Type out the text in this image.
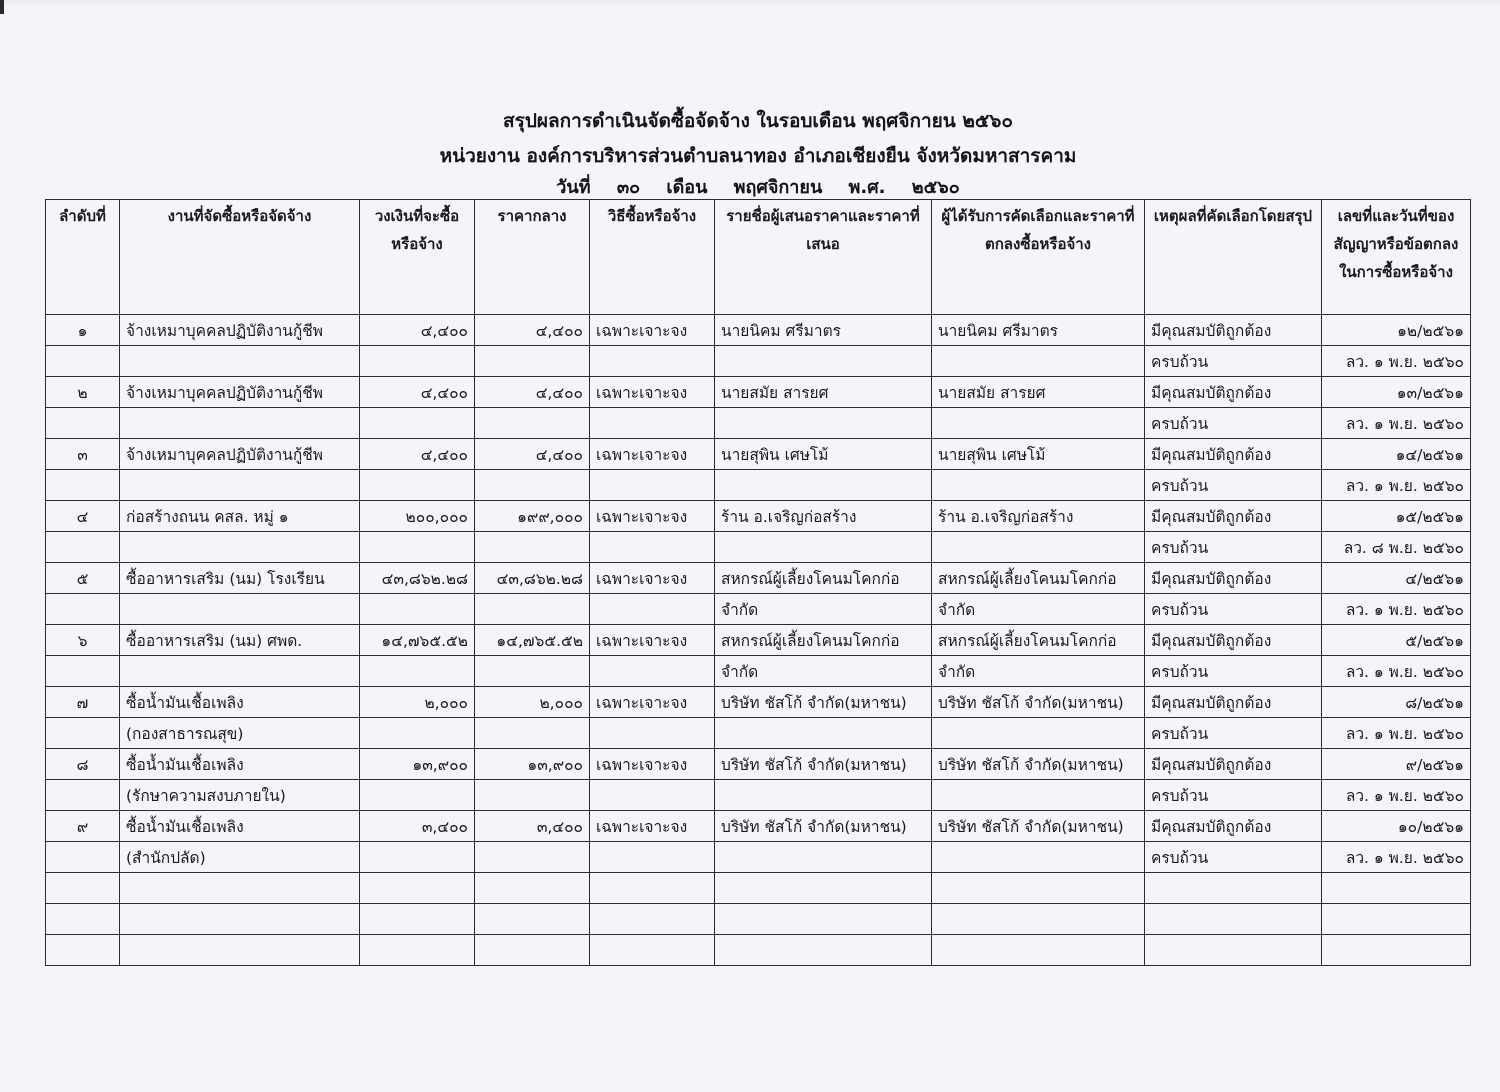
สรุปผลการดำเนินจัดซื้อจัดจ้าง ในรอบเดือน พฤศจิกายน ๒๕๖๐
หน่วยงาน องค์การบริหารส่วนตำบลนาทอง อำเภอเชียงยืน จังหวัดมหาสารคาม
วันที่ ๓๐ เดือน พฤศจิกายน พ.ศ. ๒๕๖๐
ลำดับที่	งานที่จัดซื้อหรือจัดจ้าง	วงเงินที่จะซื้อหรือจ้าง	ราคากลาง	วิธีซื้อหรือจ้าง	รายชื่อผู้เสนอราคาและราคาที่เสนอ	ผู้ได้รับการคัดเลือกและราคาที่ตกลงซื้อหรือจ้าง	เหตุผลที่คัดเลือกโดยสรุป	เลขที่และวันที่ของสัญญาหรือข้อตกลงในการซื้อหรือจ้าง
๑	จ้างเหมาบุคคลปฏิบัติงานกู้ชีพ	๔,๔๐๐	๔,๔๐๐	เฉพาะเจาะจง	นายนิคม ศรีมาตร	นายนิคม ศรีมาตร	มีคุณสมบัติถูกต้อง	๑๒/๒๕๖๑
							ครบถ้วน	ลว. ๑ พ.ย. ๒๕๖๐
๒	จ้างเหมาบุคคลปฏิบัติงานกู้ชีพ	๔,๔๐๐	๔,๔๐๐	เฉพาะเจาะจง	นายสมัย สารยศ	นายสมัย สารยศ	มีคุณสมบัติถูกต้อง	๑๓/๒๕๖๑
							ครบถ้วน	ลว. ๑ พ.ย. ๒๕๖๐
๓	จ้างเหมาบุคคลปฏิบัติงานกู้ชีพ	๔,๔๐๐	๔,๔๐๐	เฉพาะเจาะจง	นายสุพิน เศษโม้	นายสุพิน เศษโม้	มีคุณสมบัติถูกต้อง	๑๔/๒๕๖๑
							ครบถ้วน	ลว. ๑ พ.ย. ๒๕๖๐
๔	ก่อสร้างถนน คสล. หมู่ ๑	๒๐๐,๐๐๐	๑๙๙,๐๐๐	เฉพาะเจาะจง	ร้าน อ.เจริญก่อสร้าง	ร้าน อ.เจริญก่อสร้าง	มีคุณสมบัติถูกต้อง	๑๕/๒๕๖๑
							ครบถ้วน	ลว. ๘ พ.ย. ๒๕๖๐
๕	ซื้ออาหารเสริม (นม) โรงเรียน	๔๓,๘๖๒.๒๘	๔๓,๘๖๒.๒๘	เฉพาะเจาะจง	สหกรณ์ผู้เลี้ยงโคนมโคกก่อ	สหกรณ์ผู้เลี้ยงโคนมโคกก่อ	มีคุณสมบัติถูกต้อง	๔/๒๕๖๑
					จำกัด	จำกัด	ครบถ้วน	ลว. ๑ พ.ย. ๒๕๖๐
๖	ซื้ออาหารเสริม (นม) ศพด.	๑๔,๗๖๕.๕๒	๑๔,๗๖๕.๕๒	เฉพาะเจาะจง	สหกรณ์ผู้เลี้ยงโคนมโคกก่อ	สหกรณ์ผู้เลี้ยงโคนมโคกก่อ	มีคุณสมบัติถูกต้อง	๕/๒๕๖๑
					จำกัด	จำกัด	ครบถ้วน	ลว. ๑ พ.ย. ๒๕๖๐
๗	ซื้อน้ำมันเชื้อเพลิง	๒,๐๐๐	๒,๐๐๐	เฉพาะเจาะจง	บริษัท ชัสโก้ จำกัด(มหาชน)	บริษัท ชัสโก้ จำกัด(มหาชน)	มีคุณสมบัติถูกต้อง	๘/๒๕๖๑
	(กองสาธารณสุข)						ครบถ้วน	ลว. ๑ พ.ย. ๒๕๖๐
๘	ซื้อน้ำมันเชื้อเพลิง	๑๓,๙๐๐	๑๓,๙๐๐	เฉพาะเจาะจง	บริษัท ชัสโก้ จำกัด(มหาชน)	บริษัท ชัสโก้ จำกัด(มหาชน)	มีคุณสมบัติถูกต้อง	๙/๒๕๖๑
	(รักษาความสงบภายใน)						ครบถ้วน	ลว. ๑ พ.ย. ๒๕๖๐
๙	ซื้อน้ำมันเชื้อเพลิง	๓,๔๐๐	๓,๔๐๐	เฉพาะเจาะจง	บริษัท ชัสโก้ จำกัด(มหาชน)	บริษัท ชัสโก้ จำกัด(มหาชน)	มีคุณสมบัติถูกต้อง	๑๐/๒๕๖๑
	(สำนักปลัด)						ครบถ้วน	ลว. ๑ พ.ย. ๒๕๖๐
